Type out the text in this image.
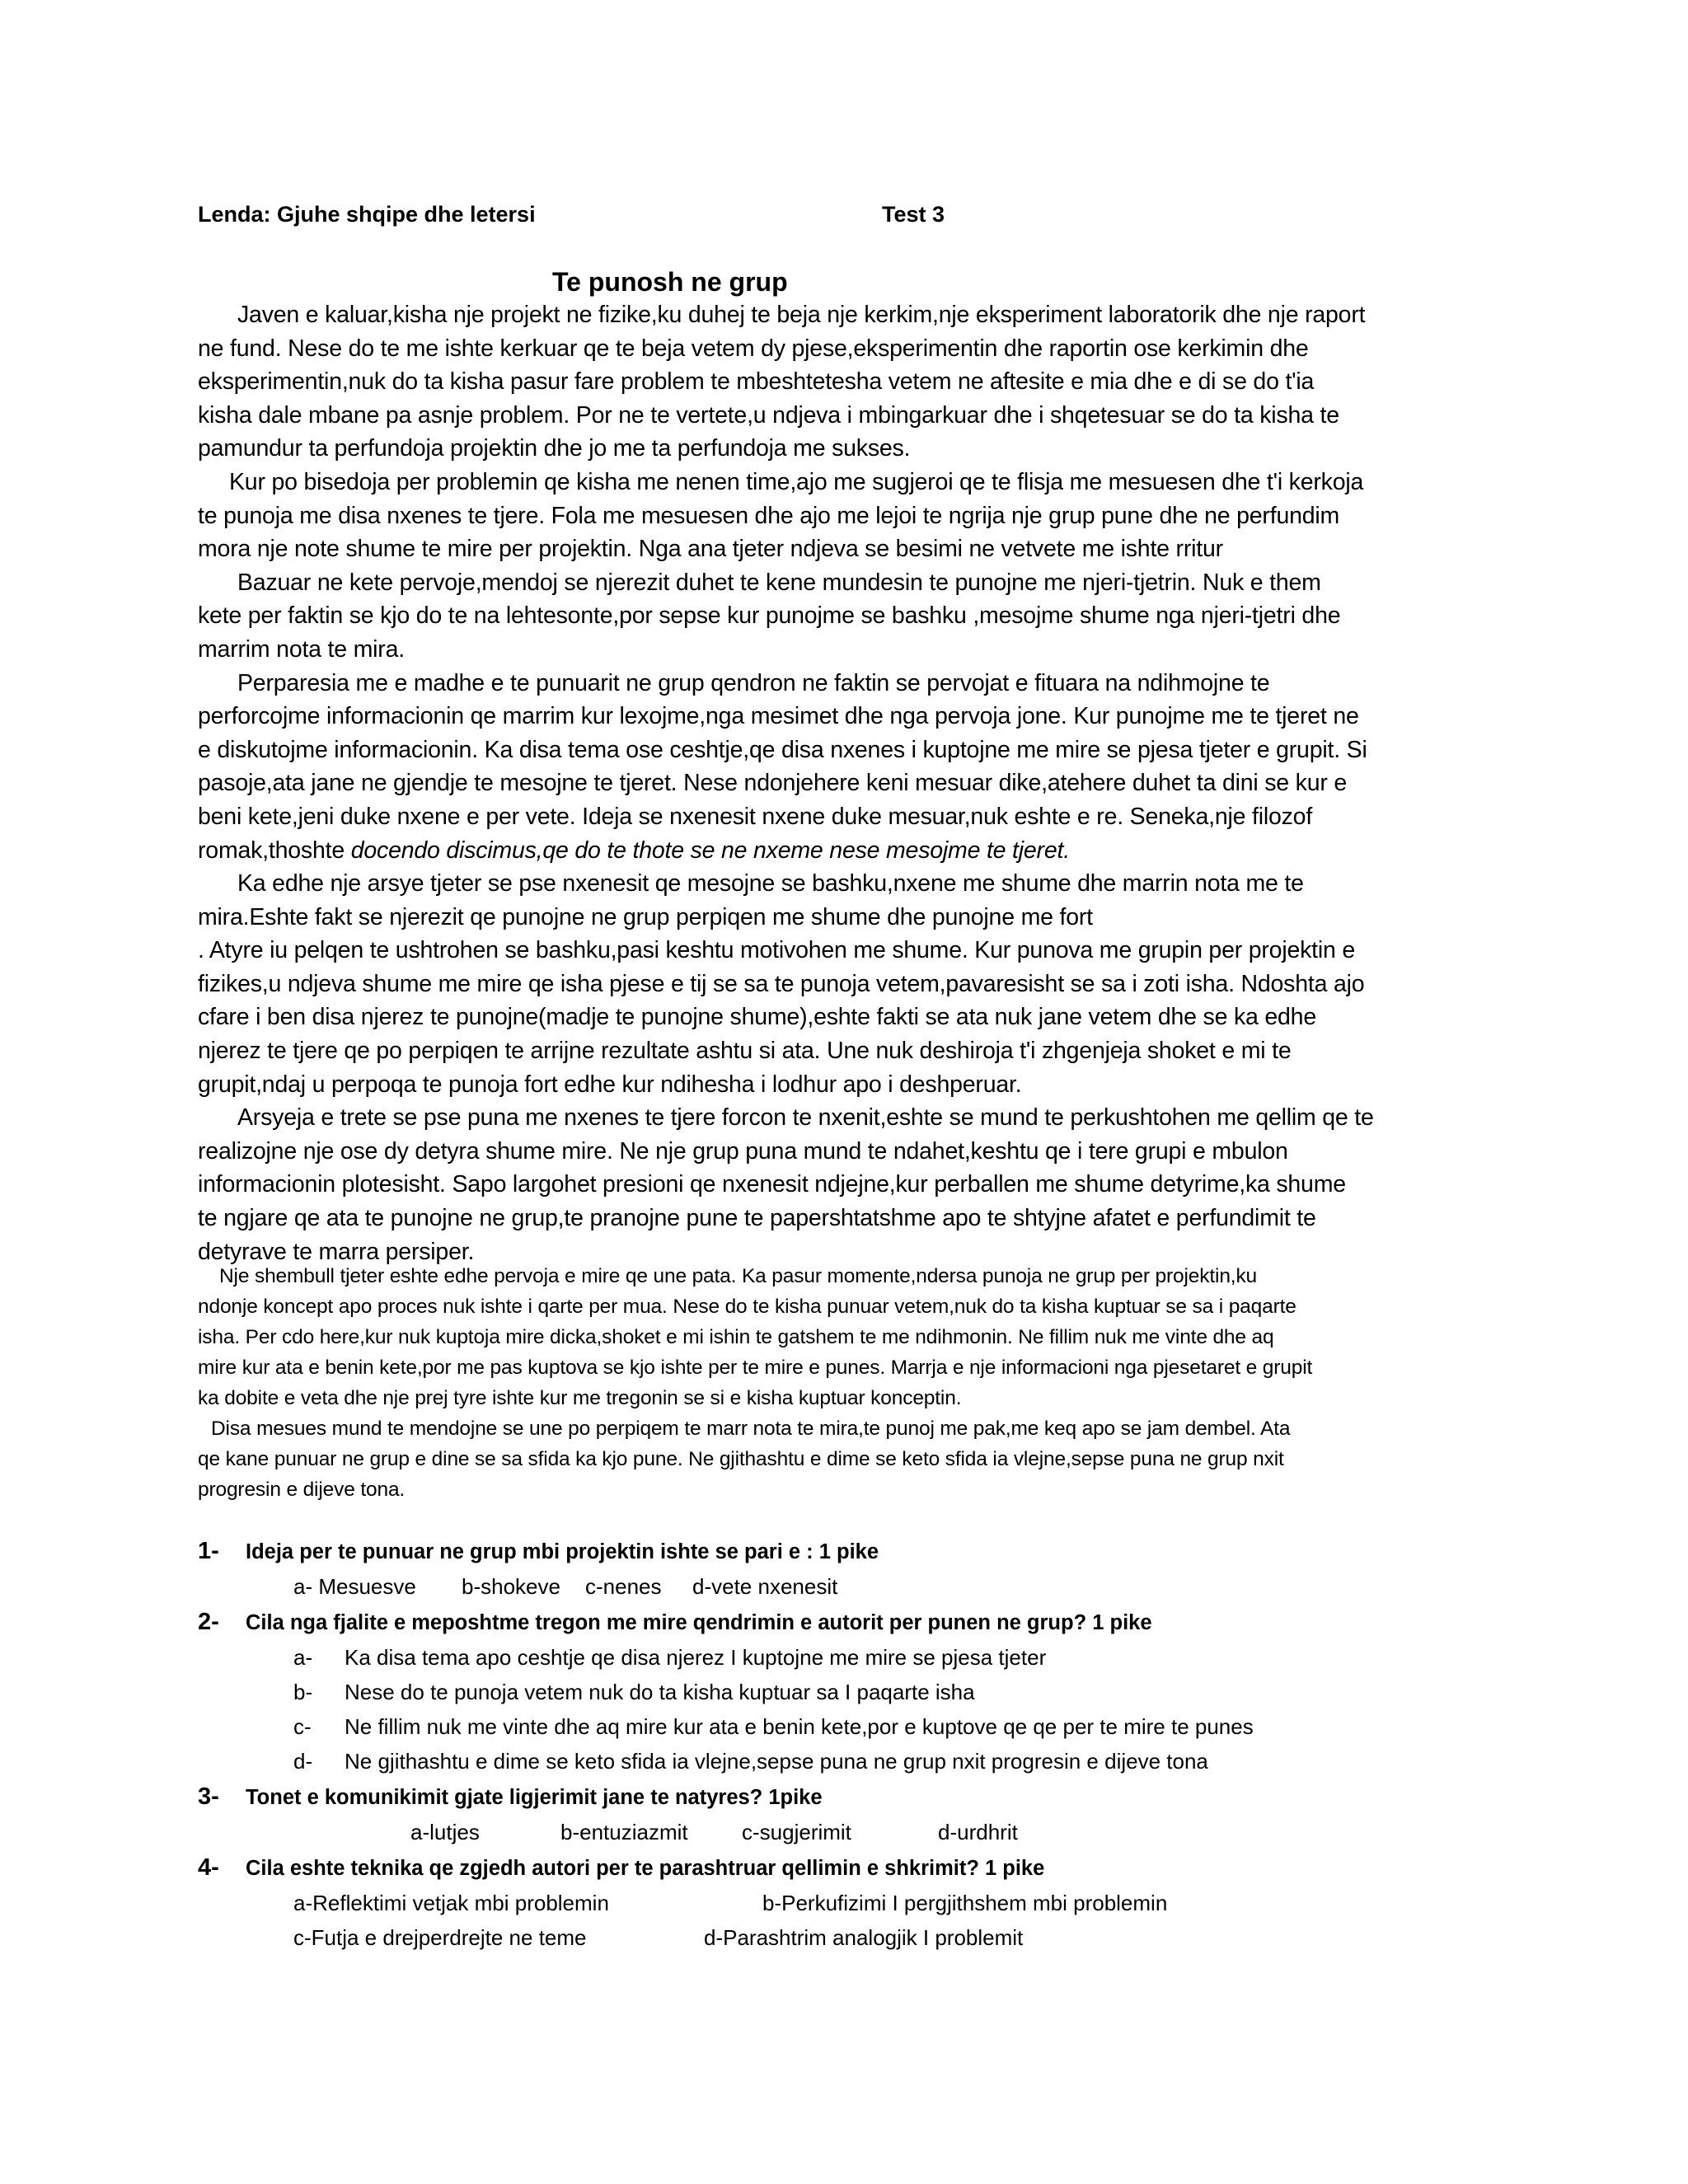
Lenda: Gjuhe shqipe dhe letersi	Test 3
Te punosh ne grup
Javen e kaluar,kisha nje projekt ne fizike,ku duhej te beja nje kerkim,nje eksperiment laboratorik dhe nje raport
ne fund. Nese do te me ishte kerkuar qe te beja vetem dy pjese,eksperimentin dhe raportin ose kerkimin dhe
eksperimentin,nuk do ta kisha pasur fare problem te mbeshtetesha vetem ne aftesite e mia dhe e di se do t'ia
kisha dale mbane pa asnje problem. Por ne te vertete,u ndjeva i mbingarkuar dhe i shqetesuar se do ta kisha te
pamundur ta perfundoja projektin dhe jo me ta perfundoja me sukses.
Kur po bisedoja per problemin qe kisha me nenen time,ajo me sugjeroi qe te flisja me mesuesen dhe t'i kerkoja
te punoja me disa nxenes te tjere. Fola me mesuesen dhe ajo me lejoi te ngrija nje grup pune dhe ne perfundim
mora nje note shume te mire per projektin. Nga ana tjeter ndjeva se besimi ne vetvete me ishte rritur
Bazuar ne kete pervoje,mendoj se njerezit duhet te kene mundesin te punojne me njeri-tjetrin. Nuk e them
kete per faktin se kjo do te na lehtesonte,por sepse kur punojme se bashku ,mesojme shume nga njeri-tjetri dhe
marrim nota te mira.
Perparesia me e madhe e te punuarit ne grup qendron ne faktin se pervojat e fituara na ndihmojne te
perforcojme informacionin qe marrim kur lexojme,nga mesimet dhe nga pervoja jone. Kur punojme me te tjeret ne
e diskutojme informacionin. Ka disa tema ose ceshtje,qe disa nxenes i kuptojne me mire se pjesa tjeter e grupit. Si
pasoje,ata jane ne gjendje te mesojne te tjeret. Nese ndonjehere keni mesuar dike,atehere duhet ta dini se kur e
beni kete,jeni duke nxene e per vete. Ideja se nxenesit nxene duke mesuar,nuk eshte e re. Seneka,nje filozof
romak,thoshte docendo discimus,qe do te thote se ne nxeme nese mesojme te tjeret.
Ka edhe nje arsye tjeter se pse nxenesit qe mesojne se bashku,nxene me shume dhe marrin nota me te
mira.Eshte fakt se njerezit qe punojne ne grup perpiqen me shume dhe punojne me fort
. Atyre iu pelqen te ushtrohen se bashku,pasi keshtu motivohen me shume. Kur punova me grupin per projektin e
fizikes,u ndjeva shume me mire qe isha pjese e tij se sa te punoja vetem,pavaresisht se sa i zoti isha. Ndoshta ajo
cfare i ben disa njerez te punojne(madje te punojne shume),eshte fakti se ata nuk jane vetem dhe se ka edhe
njerez te tjere qe po perpiqen te arrijne rezultate ashtu si ata. Une nuk deshiroja t'i zhgenjeja shoket e mi te
grupit,ndaj u perpoqa te punoja fort edhe kur ndihesha i lodhur apo i deshperuar.
Arsyeja e trete se pse puna me nxenes te tjere forcon te nxenit,eshte se mund te perkushtohen me qellim qe te
realizojne nje ose dy detyra shume mire. Ne nje grup puna mund te ndahet,keshtu qe i tere grupi e mbulon
informacionin plotesisht. Sapo largohet presioni qe nxenesit ndjejne,kur perballen me shume detyrime,ka shume
te ngjare qe ata te punojne ne grup,te pranojne pune te papershtatshme apo te shtyjne afatet e perfundimit te
detyrave te marra persiper.
Nje shembull tjeter eshte edhe pervoja e mire qe une pata. Ka pasur momente,ndersa punoja ne grup per projektin,ku
ndonje koncept apo proces nuk ishte i qarte per mua. Nese do te kisha punuar vetem,nuk do ta kisha kuptuar se sa i paqarte
isha. Per cdo here,kur nuk kuptoja mire dicka,shoket e mi ishin te gatshem te me ndihmonin. Ne fillim nuk me vinte dhe aq
mire kur ata e benin kete,por me pas kuptova se kjo ishte per te mire e punes. Marrja e nje informacioni nga pjesetaret e grupit
ka dobite e veta dhe nje prej tyre ishte kur me tregonin se si e kisha kuptuar konceptin.
Disa mesues mund te mendojne se une po perpiqem te marr nota te mira,te punoj me pak,me keq apo se jam dembel. Ata
qe kane punuar ne grup e dine se sa sfida ka kjo pune. Ne gjithashtu e dime se keto sfida ia vlejne,sepse puna ne grup nxit
progresin e dijeve tona.
1- Ideja per te punuar ne grup mbi projektin ishte se pari e : 1 pike
a- Mesuesve b-shokeve c-nenes d-vete nxenesit
2- Cila nga fjalite e meposhtme tregon me mire qendrimin e autorit per punen ne grup? 1 pike
a- Ka disa tema apo ceshtje qe disa njerez I kuptojne me mire se pjesa tjeter
b- Nese do te punoja vetem nuk do ta kisha kuptuar sa I paqarte isha
c- Ne fillim nuk me vinte dhe aq mire kur ata e benin kete,por e kuptove qe qe per te mire te punes
d- Ne gjithashtu e dime se keto sfida ia vlejne,sepse puna ne grup nxit progresin e dijeve tona
3- Tonet e komunikimit gjate ligjerimit jane te natyres? 1pike
a-lutjes	b-entuziazmit	c-sugjerimit	d-urdhrit
4- Cila eshte teknika qe zgjedh autori per te parashtruar qellimin e shkrimit? 1 pike
a-Reflektimi vetjak mbi problemin	b-Perkufizimi I pergjithshem mbi problemin
c-Futja e drejperdrejte ne teme	d-Parashtrim analogjik I problemit
